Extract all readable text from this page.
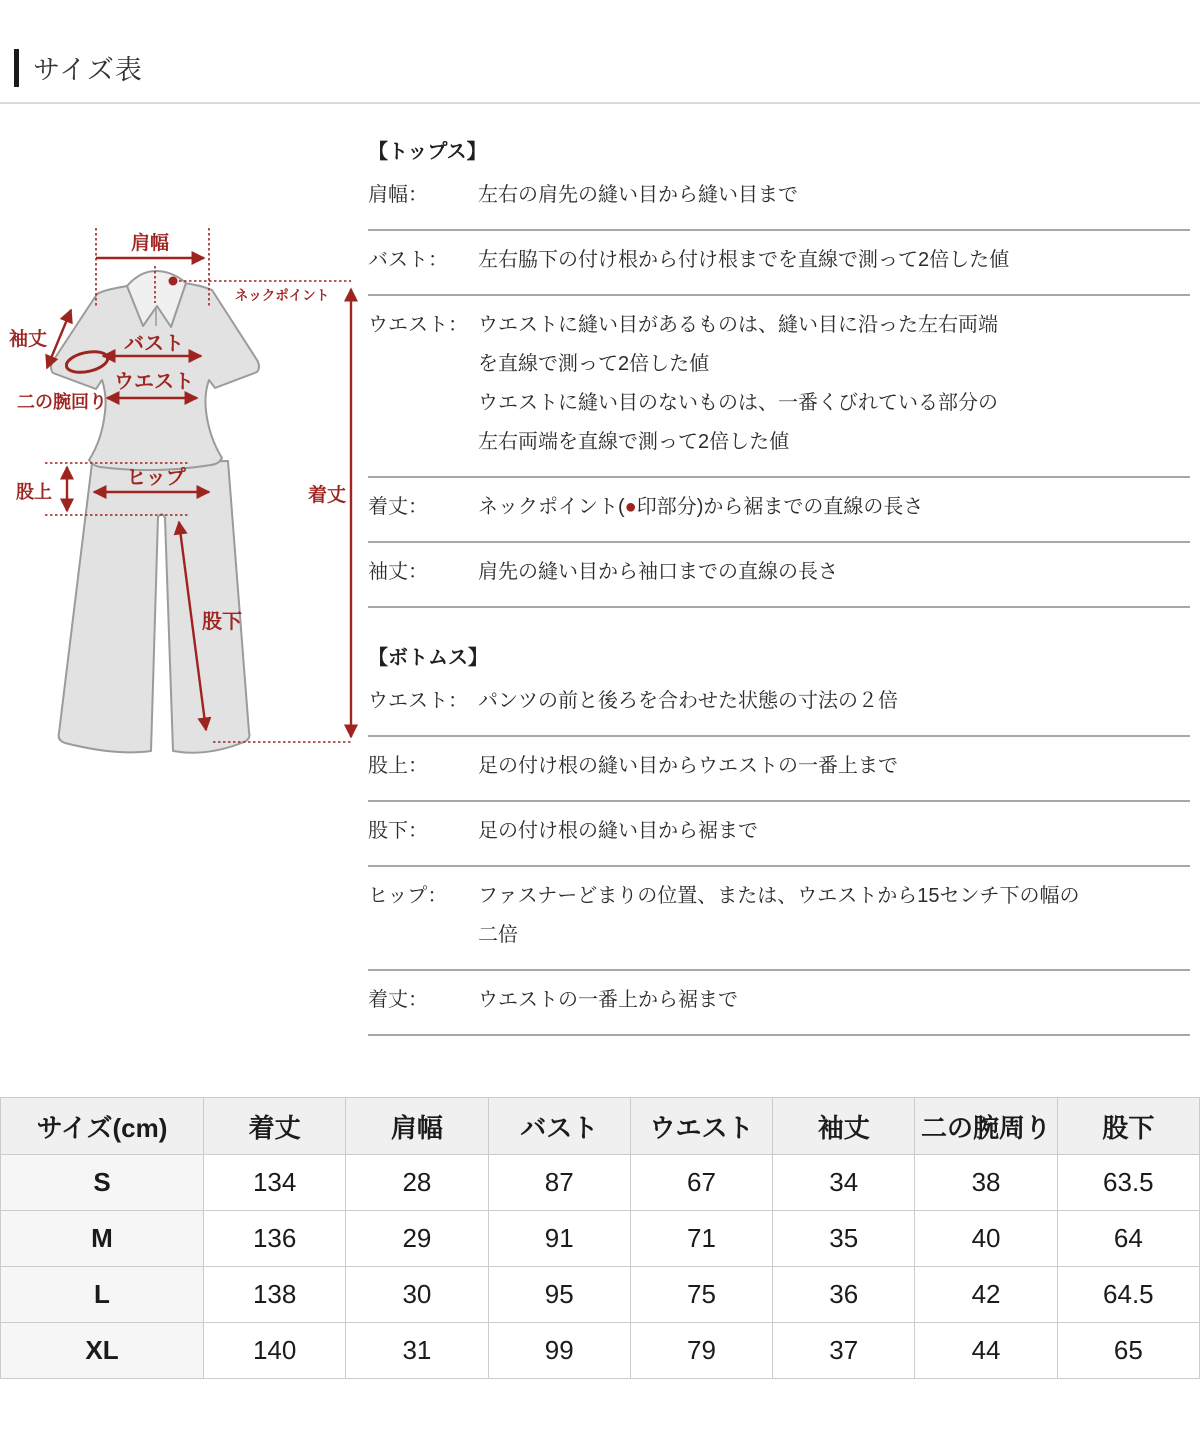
サイズ表
肩幅
ネックポイント
袖丈
二の腕回り
バスト
ウエスト
股上
ヒップ
股下
着丈
【トップス】
肩幅：	左右の肩先の縫い目から縫い目まで
バスト：	左右脇下の付け根から付け根までを直線で測って2倍した値
ウエスト： ウエストに縫い目があるものは、縫い目に沿った左右両端
を直線で測って2倍した値
ウエストに縫い目のないものは、一番くびれている部分の
左右両端を直線で測って2倍した値
着丈：	ネックポイント(●印部分)から裾までの直線の長さ
袖丈：	肩先の縫い目から袖口までの直線の長さ
【ボトムス】
ウエスト： パンツの前と後ろを合わせた状態の寸法の２倍
股上：	足の付け根の縫い目からウエストの一番上まで
股下：	足の付け根の縫い目から裾まで
ヒップ：	ファスナーどまりの位置、または、ウエストから15センチ下の幅の
二倍
着丈：	ウエストの一番上から裾まで
サイズ(cm)	着丈	肩幅	バスト	ウエスト	袖丈	二の腕周り	股下
S	134	28	87	67	34	38	63.5
M	136	29	91	71	35	40	64
L	138	30	95	75	36	42	64.5
XL	140	31	99	79	37	44	65
